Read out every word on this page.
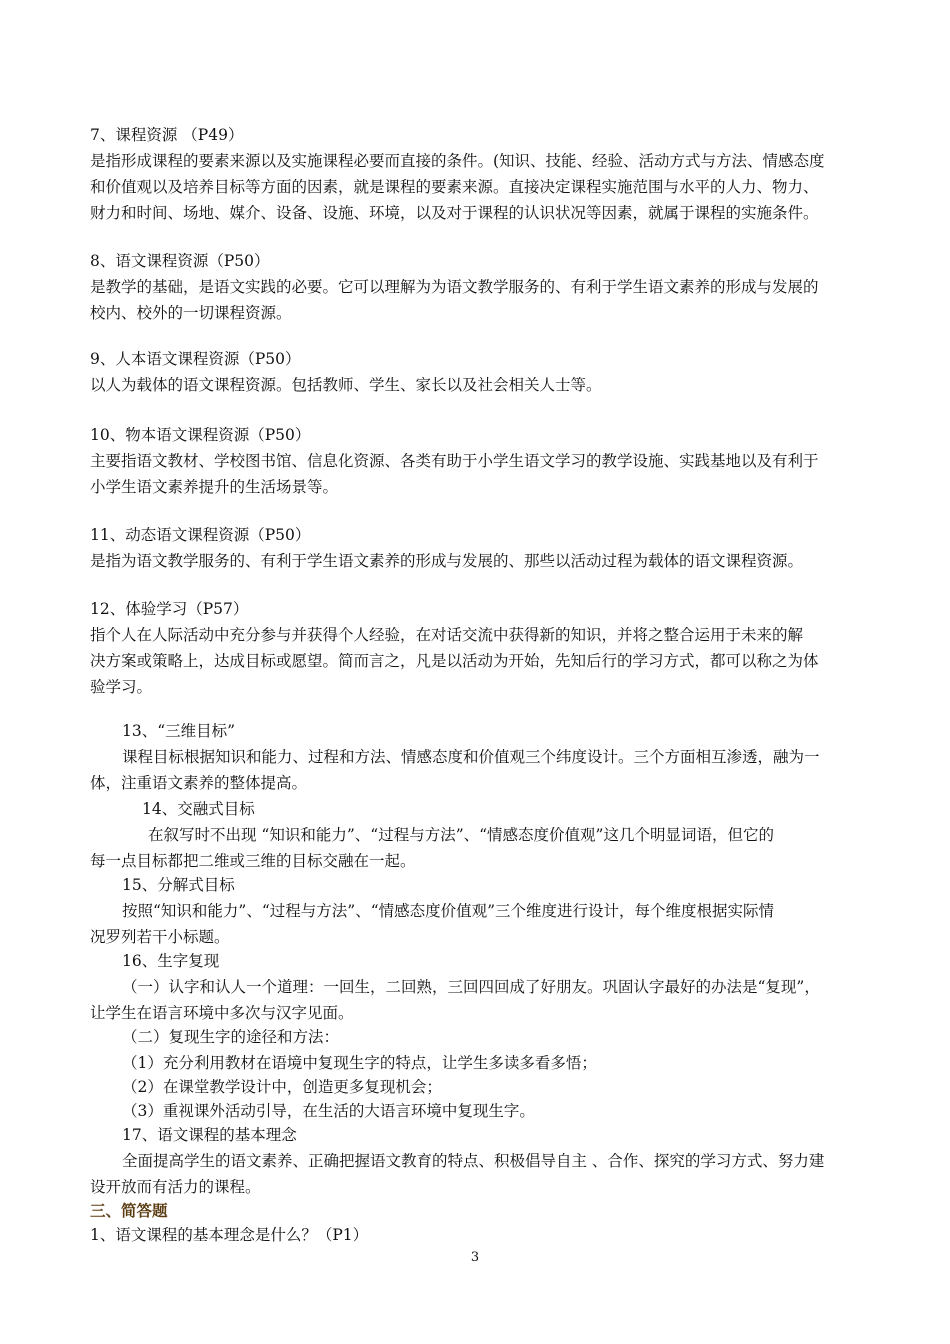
7、课程资源 （P49）
是指形成课程的要素来源以及实施课程必要而直接的条件。(知识、技能、经验、活动方式与方法、情感态度
和价值观以及培养目标等方面的因素，就是课程的要素来源。直接决定课程实施范围与水平的人力、物力、
财力和时间、场地、媒介、设备、设施、环境，以及对于课程的认识状况等因素，就属于课程的实施条件。
8、语文课程资源（P50）
是教学的基础，是语文实践的必要。它可以理解为为语文教学服务的、有利于学生语文素养的形成与发展的
校内、校外的一切课程资源。
9、人本语文课程资源（P50）
以人为载体的语文课程资源。包括教师、学生、家长以及社会相关人士等。
10、物本语文课程资源（P50）
主要指语文教材、学校图书馆、信息化资源、各类有助于小学生语文学习的教学设施、实践基地以及有利于
小学生语文素养提升的生活场景等。
11、动态语文课程资源（P50）
是指为语文教学服务的、有利于学生语文素养的形成与发展的、那些以活动过程为载体的语文课程资源。
12、体验学习（P57）
指个人在人际活动中充分参与并获得个人经验，在对话交流中获得新的知识，并将之整合运用于未来的解
决方案或策略上，达成目标或愿望。简而言之，凡是以活动为开始，先知后行的学习方式，都可以称之为体
验学习。
13、“三维目标”
课程目标根据知识和能力、过程和方法、情感态度和价值观三个纬度设计。三个方面相互渗透，融为一
体，注重语文素养的整体提高。
14、交融式目标
在叙写时不出现 “知识和能力”、“过程与方法”、“情感态度价值观”这几个明显词语，但它的
每一点目标都把二维或三维的目标交融在一起。
15、分解式目标
按照“知识和能力”、“过程与方法”、“情感态度价值观”三个维度进行设计，每个维度根据实际情
况罗列若干小标题。
16、生字复现
（一）认字和认人一个道理：一回生，二回熟，三回四回成了好朋友。巩固认字最好的办法是“复现”，
让学生在语言环境中多次与汉字见面。
（二）复现生字的途径和方法：
（1）充分利用教材在语境中复现生字的特点，让学生多读多看多悟；
（2）在课堂教学设计中，创造更多复现机会；
（3）重视课外活动引导，在生活的大语言环境中复现生字。
17、语文课程的基本理念
全面提高学生的语文素养、正确把握语文教育的特点、积极倡导自主 、合作、探究的学习方式、努力建
设开放而有活力的课程。
三、简答题
1、语文课程的基本理念是什么？（P1）
3
